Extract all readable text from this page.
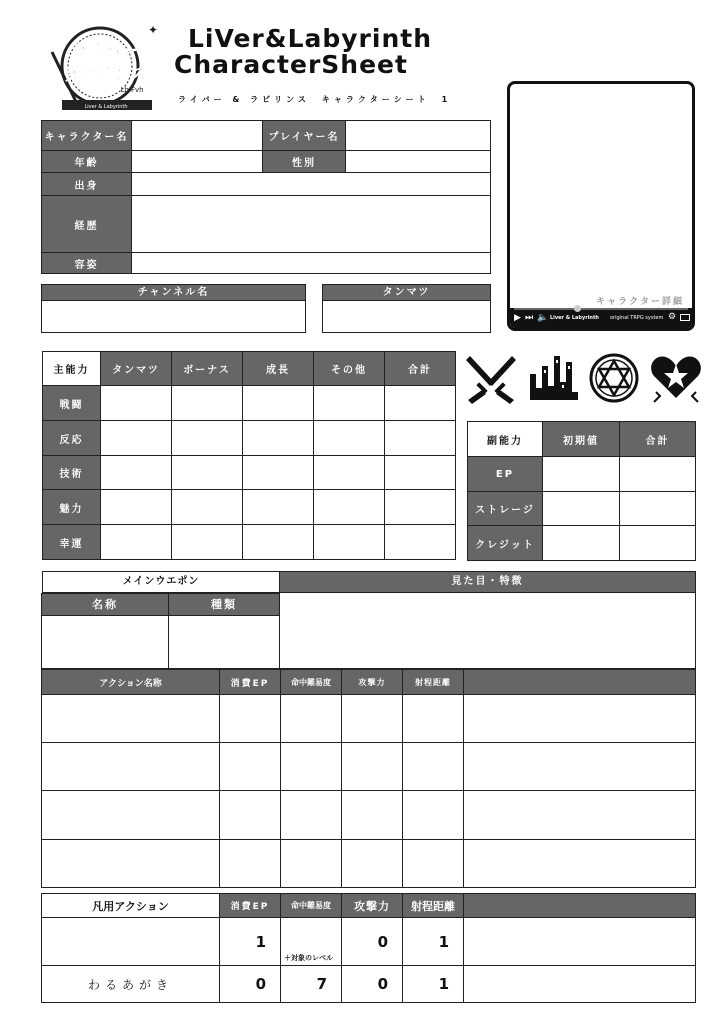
ライバー
ラビリンス
Lb.Fvh
Liver & Labyrinth
✦ LiVer&Labyrinth
CharacterSheet
ライバー & ラビリンス　キャラクターシート　1
キャラクター名		プレイヤー名	
年齢		性別	
出身			
経歴			
容姿			
チャンネル名	タンマツ
キャラクター詳細
▶ ⏭ 🔈 Liver & Labyrinth original TRPG system ⚙
主能力	タンマツ	ボーナス	成長	その他	合計
戦闘					
反応					
技術					
魅力					
幸運					
副能力	初期値	合計
EP		
ストレージ		
クレジット		
メインウエポン	見た目・特徴
名称	種類
アクション名称	消費EP	命中難易度	攻撃力	射程距離	

凡用アクション	消費EP	命中難易度	攻撃力	射程距離	
	1	＋対象のレベル	0	1	
わるあがき	0	7	0	1	
